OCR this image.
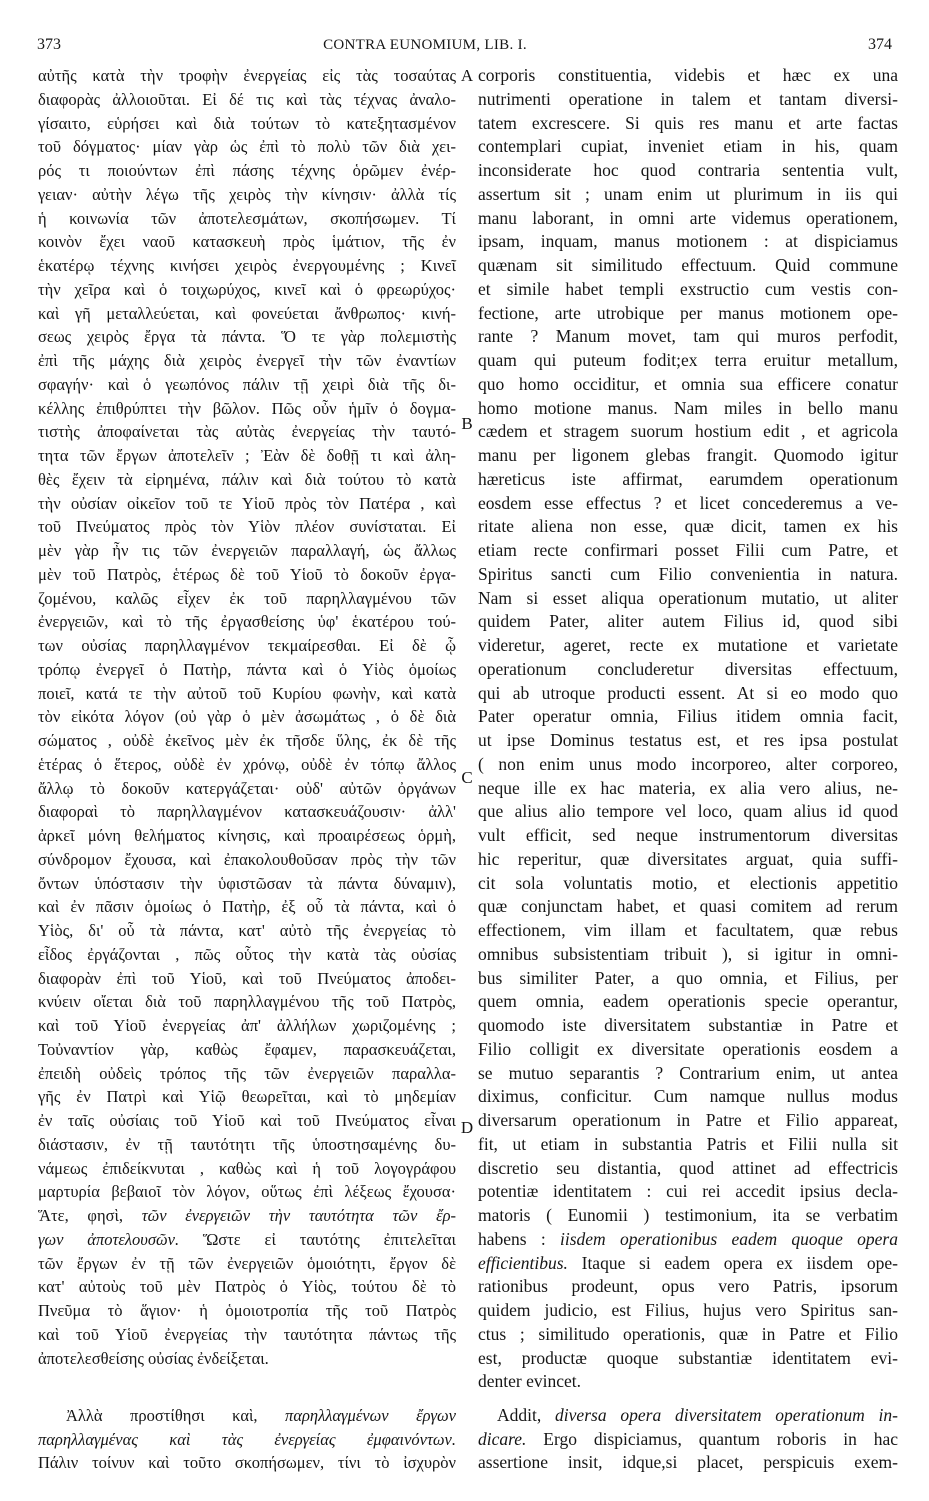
373	CONTRA EUNOMIUM, LIB. I.	374
αὐτῆς κατὰ τὴν τροφὴν ἐνεργείας εἰς τὰς τοσαύτας
διαφορὰς ἀλλοιοῦται. Εἰ δέ τις καὶ τὰς τέχνας ἀναλο-
γίσαιτο, εὑρήσει καὶ διὰ τούτων τὸ κατεξητασμένον
τοῦ δόγματος· μίαν γὰρ ὡς ἐπὶ τὸ πολὺ τῶν διὰ χει-
ρός τι ποιούντων ἐπὶ πάσης τέχνης ὁρῶμεν ἐνέρ-
γειαν· αὐτὴν λέγω τῆς χειρὸς τὴν κίνησιν· ἀλλὰ τίς
ἡ κοινωνία τῶν ἀποτελεσμάτων, σκοπήσωμεν. Τί
κοινὸν ἔχει ναοῦ κατασκευὴ πρὸς ἱμάτιον, τῆς ἐν
ἑκατέρῳ τέχνης κινήσει χειρὸς ἐνεργουμένης ; Κινεῖ
τὴν χεῖρα καὶ ὁ τοιχωρύχος, κινεῖ καὶ ὁ φρεωρύχος·
καὶ γῆ μεταλλεύεται, καὶ φονεύεται ἄνθρωπος· κινή-
σεως χειρὸς ἔργα τὰ πάντα. Ὅ τε γὰρ πολεμιστὴς
ἐπὶ τῆς μάχης διὰ χειρὸς ἐνεργεῖ τὴν τῶν ἐναντίων
σφαγήν· καὶ ὁ γεωπόνος πάλιν τῇ χειρὶ διὰ τῆς δι-
κέλλης ἐπιθρύπτει τὴν βῶλον. Πῶς οὖν ἡμῖν ὁ δογμα-
τιστὴς ἀποφαίνεται τὰς αὐτὰς ἐνεργείας τὴν ταυτό-
τητα τῶν ἔργων ἀποτελεῖν ; Ἐὰν δὲ δοθῇ τι καὶ ἀλη-
θὲς ἔχειν τὰ εἰρημένα, πάλιν καὶ διὰ τούτου τὸ κατὰ
τὴν οὐσίαν οἰκεῖον τοῦ τε Υἱοῦ πρὸς τὸν Πατέρα , καὶ
τοῦ Πνεύματος πρὸς τὸν Υἱὸν πλέον συνίσταται. Εἰ
μὲν γὰρ ἦν τις τῶν ἐνεργειῶν παραλλαγή, ὡς ἄλλως
μὲν τοῦ Πατρὸς, ἑτέρως δὲ τοῦ Υἱοῦ τὸ δοκοῦν ἐργα-
ζομένου, καλῶς εἶχεν ἐκ τοῦ παρηλλαγμένου τῶν
ἐνεργειῶν, καὶ τὸ τῆς ἐργασθείσης ὑφ' ἑκατέρου τού-
των οὐσίας παρηλλαγμένον τεκμαίρεσθαι. Εἰ δὲ ᾧ
τρόπῳ ἐνεργεῖ ὁ Πατὴρ, πάντα καὶ ὁ Υἱὸς ὁμοίως
ποιεῖ, κατά τε τὴν αὐτοῦ τοῦ Κυρίου φωνὴν, καὶ κατὰ
τὸν εἰκότα λόγον (οὐ γὰρ ὁ μὲν ἀσωμάτως , ὁ δὲ διὰ
σώματος , οὐδὲ ἐκεῖνος μὲν ἐκ τῆσδε ὕλης, ἐκ δὲ τῆς
ἑτέρας ὁ ἕτερος, οὐδὲ ἐν χρόνῳ, οὐδὲ ἐν τόπῳ ἄλλος
ἄλλῳ τὸ δοκοῦν κατεργάζεται· οὐδ' αὐτῶν ὀργάνων
διαφοραὶ τὸ παρηλλαγμένον κατασκευάζουσιν· ἀλλ'
ἀρκεῖ μόνη θελήματος κίνησις, καὶ προαιρέσεως ὁρμὴ,
σύνδρομον ἔχουσα, καὶ ἐπακολουθοῦσαν πρὸς τὴν τῶν
ὄντων ὑπόστασιν τὴν ὑφιστῶσαν τὰ πάντα δύναμιν),
καὶ ἐν πᾶσιν ὁμοίως ὁ Πατὴρ, ἐξ οὗ τὰ πάντα, καὶ ὁ
Υἱὸς, δι' οὗ τὰ πάντα, κατ' αὐτὸ τῆς ἐνεργείας τὸ
εἶδος ἐργάζονται , πῶς οὗτος τὴν κατὰ τὰς οὐσίας
διαφορὰν ἐπὶ τοῦ Υἱοῦ, καὶ τοῦ Πνεύματος ἀποδει-
κνύειν οἴεται διὰ τοῦ παρηλλαγμένου τῆς τοῦ Πατρὸς,
καὶ τοῦ Υἱοῦ ἐνεργείας ἀπ' ἀλλήλων χωριζομένης ;
Τοὐναντίον γὰρ, καθὼς ἔφαμεν, παρασκευάζεται,
ἐπειδὴ οὐδεὶς τρόπος τῆς τῶν ἐνεργειῶν παραλλα-
γῆς ἐν Πατρὶ καὶ Υἱῷ θεωρεῖται, καὶ τὸ μηδεμίαν
ἐν ταῖς οὐσίαις τοῦ Υἱοῦ καὶ τοῦ Πνεύματος εἶναι
διάστασιν, ἐν τῇ ταυτότητι τῆς ὑποστησαμένης δυ-
νάμεως ἐπιδείκνυται , καθὼς καὶ ἡ τοῦ λογογράφου
μαρτυρία βεβαιοῖ τὸν λόγον, οὕτως ἐπὶ λέξεως ἔχουσα·
Ἅτε, φησὶ, τῶν ἐνεργειῶν τὴν ταυτότητα τῶν ἔρ-
γων ἀποτελουσῶν. Ὥστε εἰ ταυτότης ἐπιτελεῖται
τῶν ἔργων ἐν τῇ τῶν ἐνεργειῶν ὁμοιότητι, ἔργον δὲ
κατ' αὐτοὺς τοῦ μὲν Πατρὸς ὁ Υἱὸς, τούτου δὲ τὸ
Πνεῦμα τὸ ἅγιον· ἡ ὁμοιοτροπία τῆς τοῦ Πατρὸς
καὶ τοῦ Υἱοῦ ἐνεργείας τὴν ταυτότητα πάντως τῆς
ἀποτελεσθείσης οὐσίας ἐνδείξεται.
Ἀλλὰ προστίθησι καὶ, παρηλλαγμένων ἔργων
παρηλλαγμένας καὶ τὰς ἐνεργείας ἐμφαινόντων.
Πάλιν τοίνυν καὶ τοῦτο σκοπήσωμεν, τίνι τὸ ἰσχυρὸν
A
B
C
D
corporis constituentia, videbis et hæc ex una
nutrimenti operatione in talem et tantam diversi-
tatem excrescere. Si quis res manu et arte factas
contemplari cupiat, inveniet etiam in his, quam
inconsiderate hoc quod contraria sententia vult,
assertum sit ; unam enim ut plurimum in iis qui
manu laborant, in omni arte videmus operationem,
ipsam, inquam, manus motionem : at dispiciamus
quænam sit similitudo effectuum. Quid commune
et simile habet templi exstructio cum vestis con-
fectione, arte utrobique per manus motionem ope-
rante ? Manum movet, tam qui muros perfodit,
quam qui puteum fodit;ex terra eruitur metallum,
quo homo occiditur, et omnia sua efficere conatur
homo motione manus. Nam miles in bello manu
cædem et stragem suorum hostium edit , et agricola
manu per ligonem glebas frangit. Quomodo igitur
hæreticus iste affirmat, earumdem operationum
eosdem esse effectus ? et licet concederemus a ve-
ritate aliena non esse, quæ dicit, tamen ex his
etiam recte confirmari posset Filii cum Patre, et
Spiritus sancti cum Filio convenientia in natura.
Nam si esset aliqua operationum mutatio, ut aliter
quidem Pater, aliter autem Filius id, quod sibi
videretur, ageret, recte ex mutatione et varietate
operationum concluderetur diversitas effectuum,
qui ab utroque producti essent. At si eo modo quo
Pater operatur omnia, Filius itidem omnia facit,
ut ipse Dominus testatus est, et res ipsa postulat
( non enim unus modo incorporeo, alter corporeo,
neque ille ex hac materia, ex alia vero alius, ne-
que alius alio tempore vel loco, quam alius id quod
vult efficit, sed neque instrumentorum diversitas
hic reperitur, quæ diversitates arguat, quia suffi-
cit sola voluntatis motio, et electionis appetitio
quæ conjunctam habet, et quasi comitem ad rerum
effectionem, vim illam et facultatem, quæ rebus
omnibus subsistentiam tribuit ), si igitur in omni-
bus similiter Pater, a quo omnia, et Filius, per
quem omnia, eadem operationis specie operantur,
quomodo iste diversitatem substantiæ in Patre et
Filio colligit ex diversitate operationis eosdem a
se mutuo separantis ? Contrarium enim, ut antea
diximus, conficitur. Cum namque nullus modus
diversarum operationum in Patre et Filio appareat,
fit, ut etiam in substantia Patris et Filii nulla sit
discretio seu distantia, quod attinet ad effectricis
potentiæ identitatem : cui rei accedit ipsius decla-
matoris ( Eunomii ) testimonium, ita se verbatim
habens : iisdem operationibus eadem quoque opera
efficientibus. Itaque si eadem opera ex iisdem ope-
rationibus prodeunt, opus vero Patris, ipsorum
quidem judicio, est Filius, hujus vero Spiritus san-
ctus ; similitudo operationis, quæ in Patre et Filio
est, productæ quoque substantiæ identitatem evi-
denter evincet.
Addit, diversa opera diversitatem operationum in-
dicare. Ergo dispiciamus, quantum roboris in hac
assertione insit, idque,si placet, perspicuis exem-
